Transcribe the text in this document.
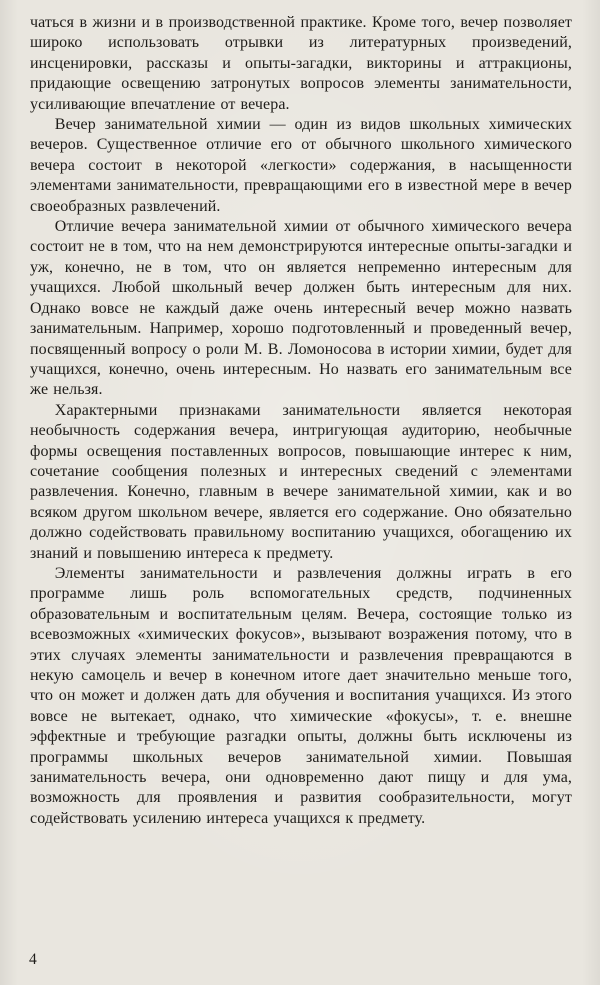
чаться в жизни и в производственной практике. Кроме того, вечер позволяет широко использовать отрывки из литературных произведений, инсценировки, рассказы и опыты-загадки, викторины и аттракционы, придающие освещению затронутых вопросов элементы занимательности, усиливающие впечатление от вечера.

Вечер занимательной химии — один из видов школьных химических вечеров. Существенное отличие его от обычного школьного химического вечера состоит в некоторой «легкости» содержания, в насыщенности элементами занимательности, превращающими его в известной мере в вечер своеобразных развлечений.

Отличие вечера занимательной химии от обычного химического вечера состоит не в том, что на нем демонстрируются интересные опыты-загадки и уж, конечно, не в том, что он является непременно интересным для учащихся. Любой школьный вечер должен быть интересным для них. Однако вовсе не каждый даже очень интересный вечер можно назвать занимательным. Например, хорошо подготовленный и проведенный вечер, посвященный вопросу о роли М. В. Ломоносова в истории химии, будет для учащихся, конечно, очень интересным. Но назвать его занимательным все же нельзя.

Характерными признаками занимательности является некоторая необычность содержания вечера, интригующая аудиторию, необычные формы освещения поставленных вопросов, повышающие интерес к ним, сочетание сообщения полезных и интересных сведений с элементами развлечения. Конечно, главным в вечере занимательной химии, как и во всяком другом школьном вечере, является его содержание. Оно обязательно должно содействовать правильному воспитанию учащихся, обогащению их знаний и повышению интереса к предмету.

Элементы занимательности и развлечения должны играть в его программе лишь роль вспомогательных средств, подчиненных образовательным и воспитательным целям. Вечера, состоящие только из всевозможных «химических фокусов», вызывают возражения потому, что в этих случаях элементы занимательности и развлечения превращаются в некую самоцель и вечер в конечном итоге дает значительно меньше того, что он может и должен дать для обучения и воспитания учащихся. Из этого вовсе не вытекает, однако, что химические «фокусы», т. е. внешне эффектные и требующие разгадки опыты, должны быть исключены из программы школьных вечеров занимательной химии. Повышая занимательность вечера, они одновременно дают пищу и для ума, возможность для проявления и развития сообразительности, могут содействовать усилению интереса учащихся к предмету.

4
